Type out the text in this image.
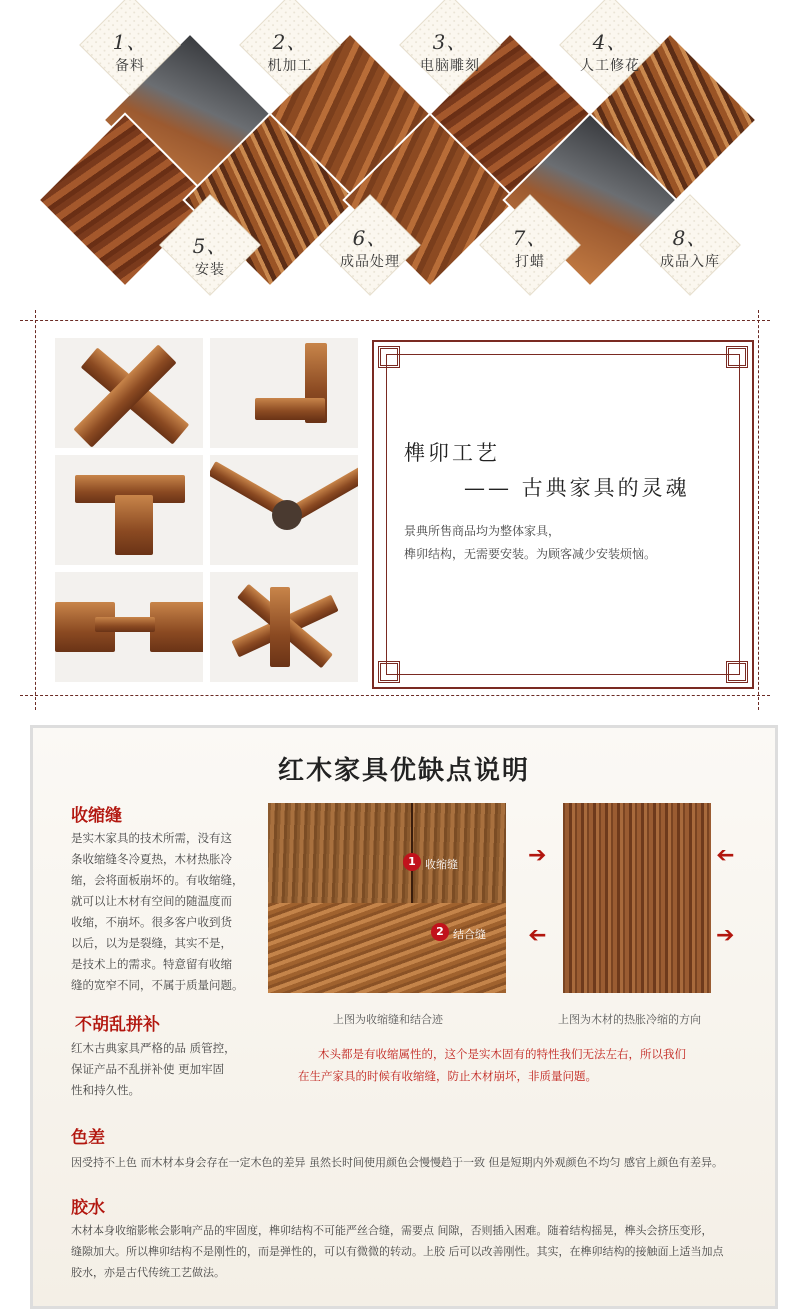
1、
备料
2、
机加工
3、
电脑雕刻
4、
人工修花
5、
安装
6、
成品处理
7、
打蜡
8、
成品入库
榫卯工艺
—— 古典家具的灵魂
景典所售商品均为整体家具，
榫卯结构，无需要安装。为顾客减少安装烦恼。
红木家具优缺点说明
收缩缝
是实木家具的技术所需，没有这
条收缩缝冬冷夏热，木材热胀冷
缩，会将面板崩坏的。有收缩缝，
就可以让木材有空间的随温度而
收缩，不崩坏。很多客户收到货
以后，以为是裂缝，其实不是，
是技术上的需求。特意留有收缩
缝的宽窄不同，不属于质量问题。
1 收缩缝
2 结合缝
➔	➔
➔	➔
上图为收缩缝和结合迹	上图为木材的热胀冷缩的方向
木头都是有收缩属性的，这个是实木固有的特性我们无法左右，所以我们
在生产家具的时候有收缩缝，防止木材崩坏，非质量问题。
不胡乱拼补
红木古典家具严格的品 质管控，
保证产品不乱拼补使 更加牢固
性和持久性。
色差
因受持不上色 而木材本身会存在一定木色的差异 虽然长时间使用颜色会慢慢趋于一致 但是短期内外观颜色不均匀 感官上颜色有差异。
胶水
木材本身收缩影帐会影响产品的牢固度，榫卯结构不可能严丝合缝，需要点 间隙，否则插入困难。随着结构摇晃，榫头会挤压变形，
缝隙加大。所以榫卯结构不是刚性的，而是弹性的，可以有微微的转动。上胶 后可以改善刚性。其实，在榫卯结构的接触面上适当加点
胶水，亦是古代传统工艺做法。
